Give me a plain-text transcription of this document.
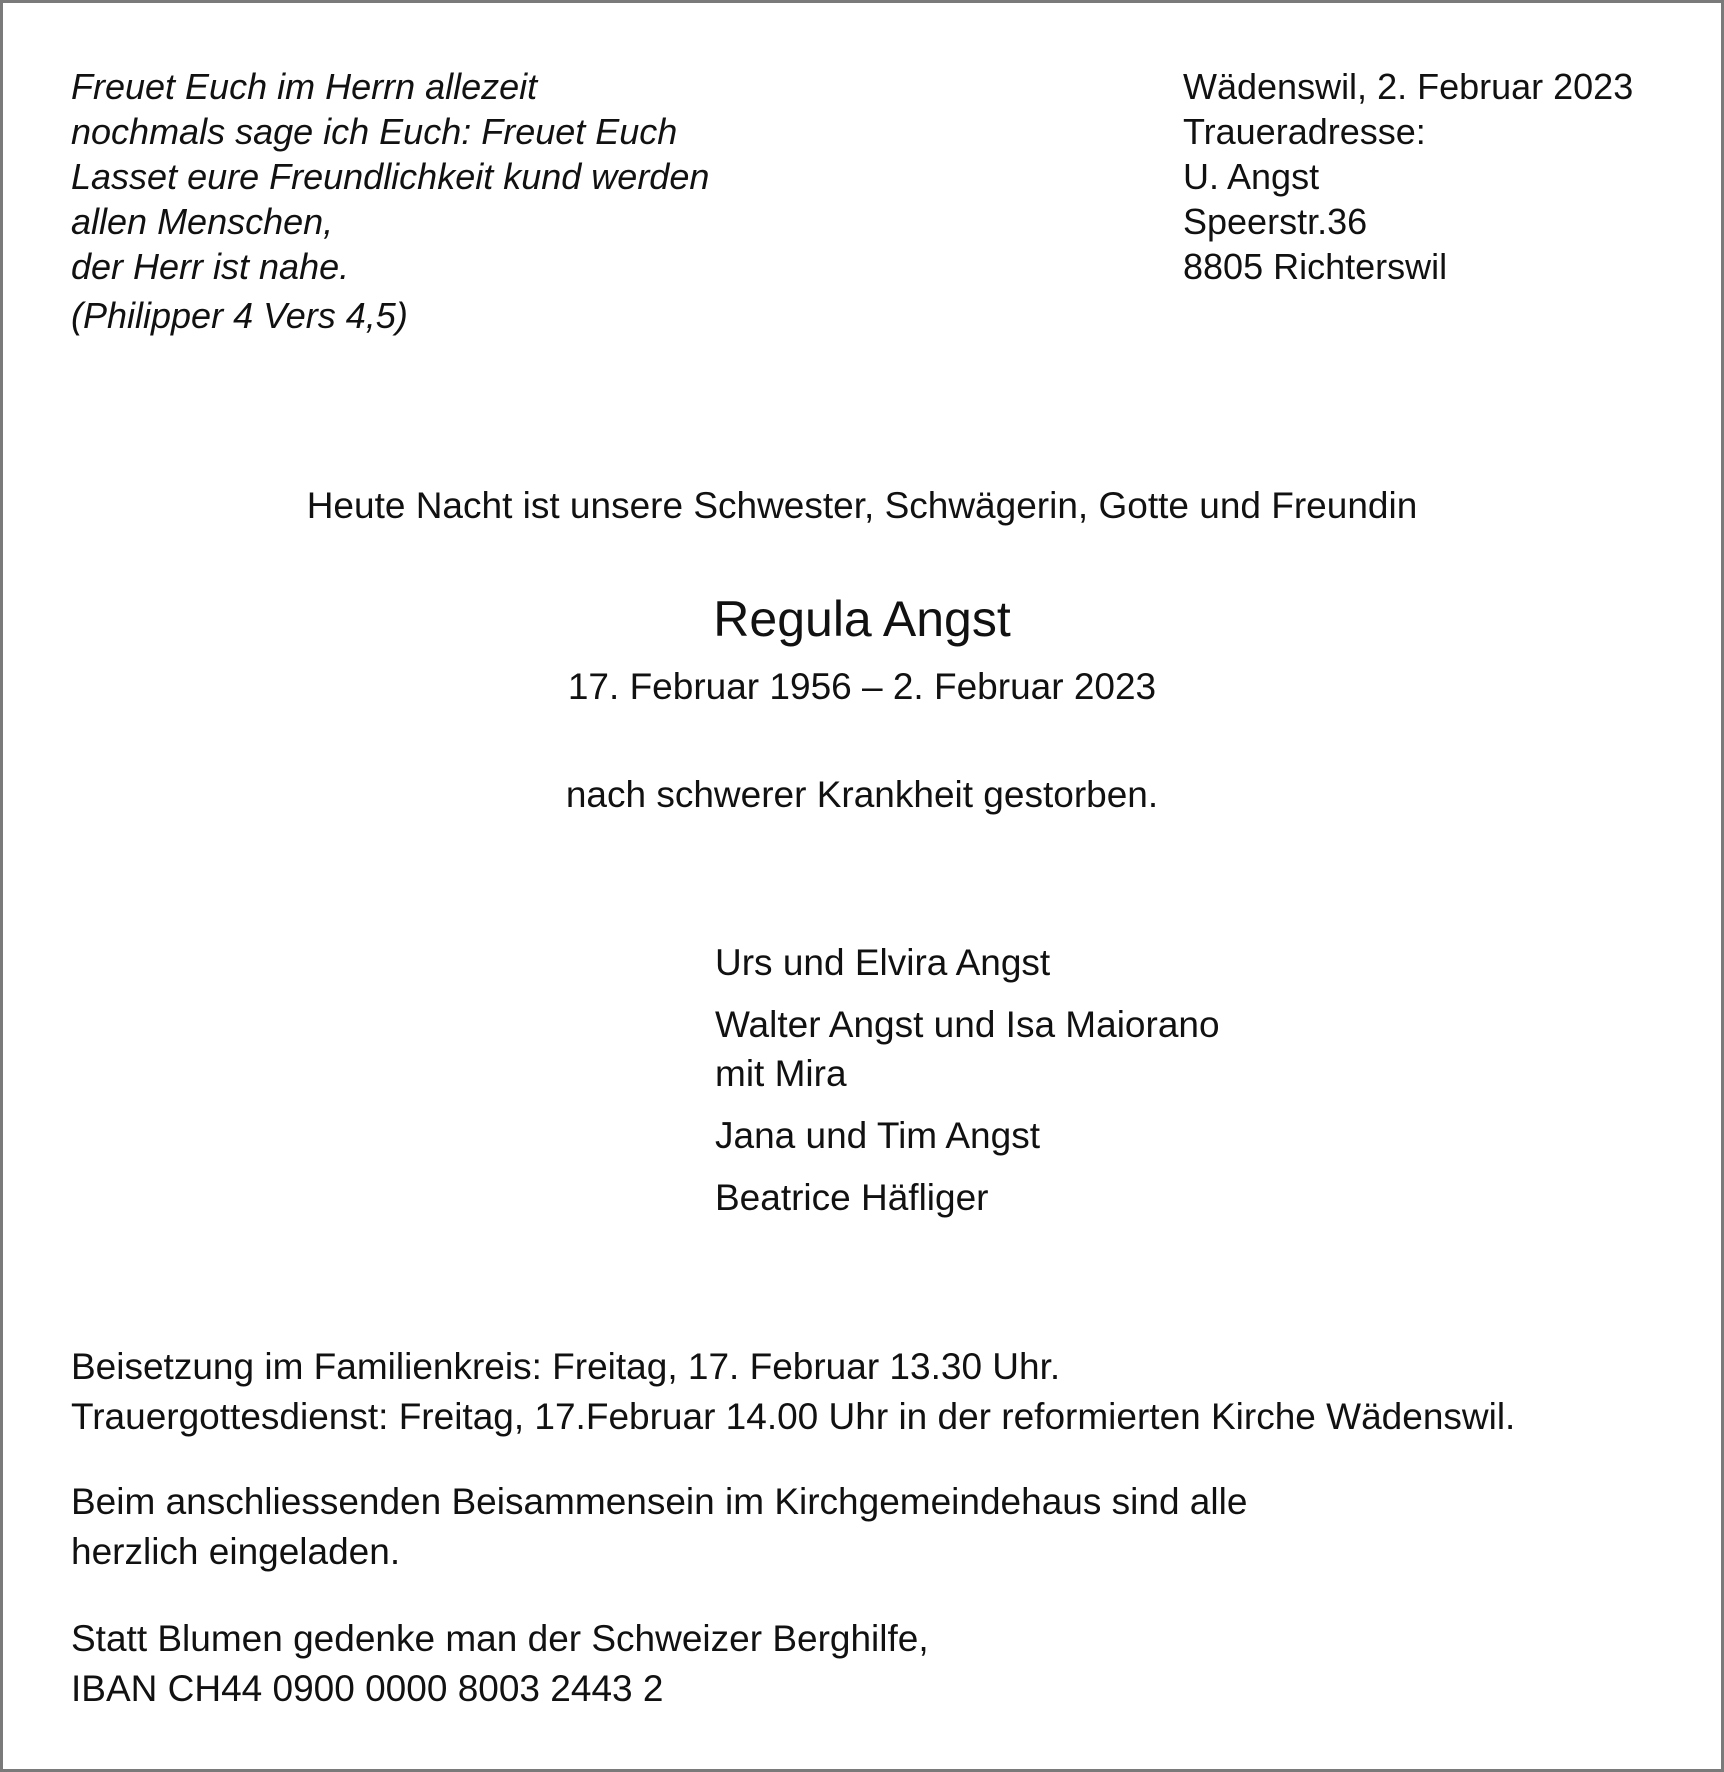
Freuet Euch im Herrn allezeit
nochmals sage ich Euch: Freuet Euch
Lasset eure Freundlichkeit kund werden
allen Menschen,
der Herr ist nahe.
(Philipper 4 Vers 4,5)
Wädenswil, 2. Februar 2023
Traueradresse:
U. Angst
Speerstr.36
8805 Richterswil
Heute Nacht ist unsere Schwester, Schwägerin, Gotte und Freundin
Regula Angst
17. Februar 1956 – 2. Februar 2023
nach schwerer Krankheit gestorben.
Urs und Elvira Angst
Walter Angst und Isa Maiorano
mit Mira
Jana und Tim Angst
Beatrice Häfliger
Beisetzung im Familienkreis: Freitag, 17. Februar 13.30 Uhr.
Trauergottesdienst: Freitag, 17.Februar 14.00 Uhr in der reformierten Kirche Wädenswil.
Beim anschliessenden Beisammensein im Kirchgemeindehaus sind alle
herzlich eingeladen.
Statt Blumen gedenke man der Schweizer Berghilfe,
IBAN CH44 0900 0000 8003 2443 2
